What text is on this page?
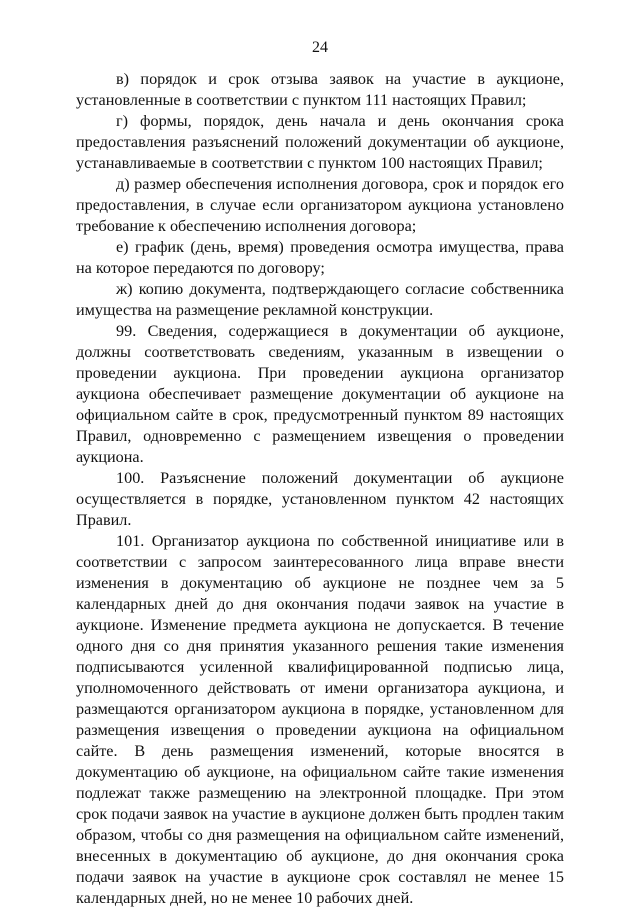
24

в) порядок и срок отзыва заявок на участие в аукционе, установленные в соответствии с пунктом 111 настоящих Правил;

г) формы, порядок, день начала и день окончания срока предоставления разъяснений положений документации об аукционе, устанавливаемые в соответствии с пунктом 100 настоящих Правил;

д) размер обеспечения исполнения договора, срок и порядок его предоставления, в случае если организатором аукциона установлено требование к обеспечению исполнения договора;

е) график (день, время) проведения осмотра имущества, права на которое передаются по договору;

ж) копию документа, подтверждающего согласие собственника имущества на размещение рекламной конструкции.

99. Сведения, содержащиеся в документации об аукционе, должны соответствовать сведениям, указанным в извещении о проведении аукциона. При проведении аукциона организатор аукциона обеспечивает размещение документации об аукционе на официальном сайте в срок, предусмотренный пунктом 89 настоящих Правил, одновременно с размещением извещения о проведении аукциона.

100. Разъяснение положений документации об аукционе осуществляется в порядке, установленном пунктом 42 настоящих Правил.

101. Организатор аукциона по собственной инициативе или в соответствии с запросом заинтересованного лица вправе внести изменения в документацию об аукционе не позднее чем за 5 календарных дней до дня окончания подачи заявок на участие в аукционе. Изменение предмета аукциона не допускается. В течение одного дня со дня принятия указанного решения такие изменения подписываются усиленной квалифицированной подписью лица, уполномоченного действовать от имени организатора аукциона, и размещаются организатором аукциона в порядке, установленном для размещения извещения о проведении аукциона на официальном сайте. В день размещения изменений, которые вносятся в документацию об аукционе, на официальном сайте такие изменения подлежат также размещению на электронной площадке. При этом срок подачи заявок на участие в аукционе должен быть продлен таким образом, чтобы со дня размещения на официальном сайте изменений, внесенных в документацию об аукционе, до дня окончания срока подачи заявок на участие в аукционе срок составлял не менее 15 календарных дней, но не менее 10 рабочих дней.
